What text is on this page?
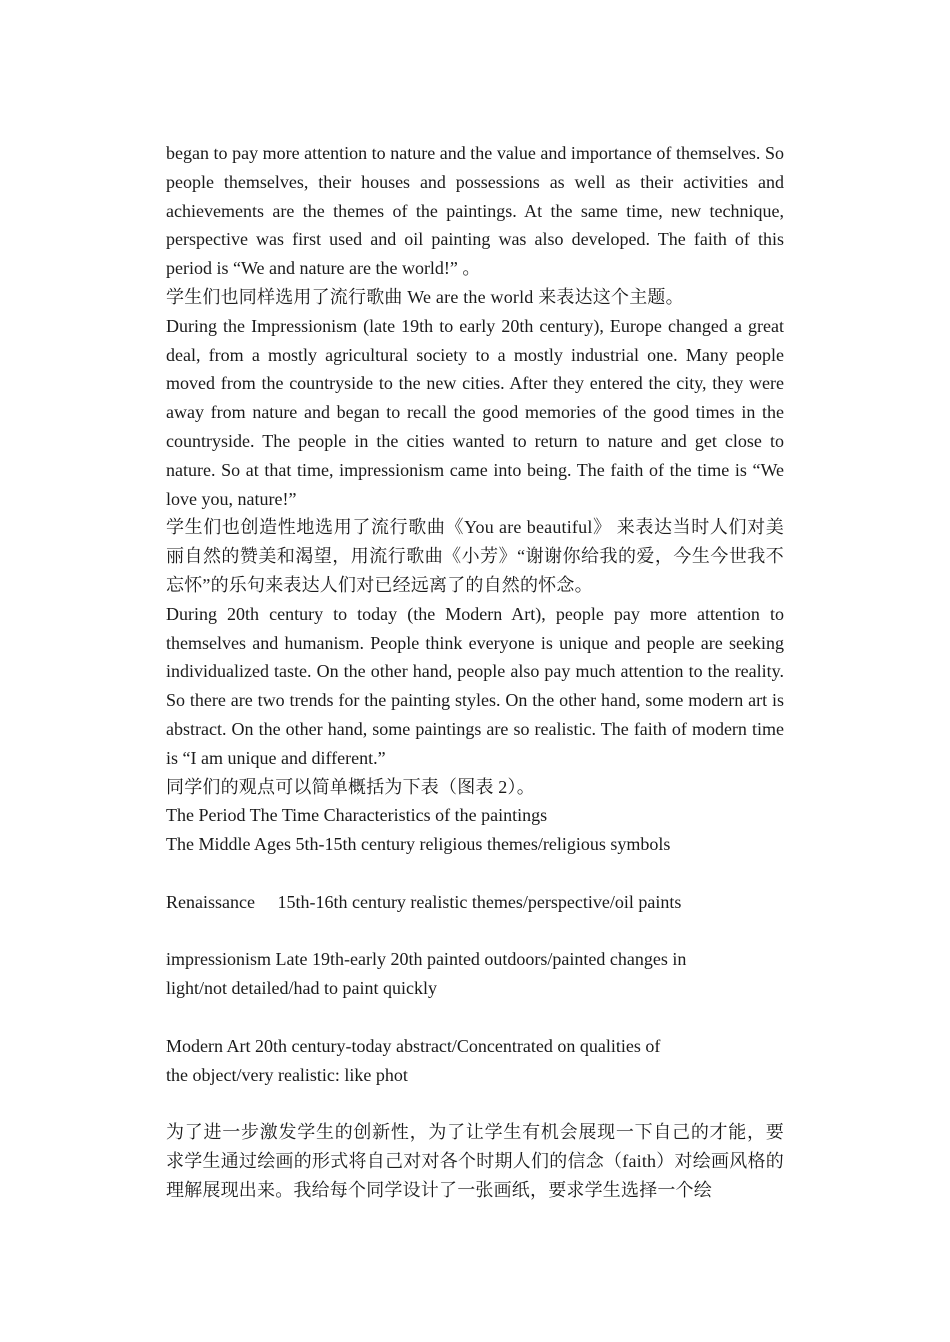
began to pay more attention to nature and the value and importance of themselves. So people themselves, their houses and possessions as well as their activities and achievements are the themes of the paintings. At the same time, new technique, perspective was first used and oil painting was also developed. The faith of this period is “We and nature are the world!” 。

学生们也同样选用了流行歌曲 We are the world 来表达这个主题。

During the Impressionism (late 19th to early 20th century), Europe changed a great deal, from a mostly agricultural society to a mostly industrial one. Many people moved from the countryside to the new cities. After they entered the city, they were away from nature and began to recall the good memories of the good times in the countryside. The people in the cities wanted to return to nature and get close to nature. So at that time, impressionism came into being. The faith of the time is “We love you, nature!”

学生们也创造性地选用了流行歌曲《You are beautiful》 来表达当时人们对美丽自然的赞美和渴望，用流行歌曲《小芳》“谢谢你给我的爱，今生今世我不忘怀”的乐句来表达人们对已经远离了的自然的怀念。

During 20th century to today (the Modern Art), people pay more attention to themselves and humanism. People think everyone is unique and people are seeking individualized taste. On the other hand, people also pay much attention to the reality. So there are two trends for the painting styles. On the other hand, some modern art is abstract. On the other hand, some paintings are so realistic. The faith of modern time is “I am unique and different.”

同学们的观点可以简单概括为下表（图表 2）。

The Period The Time Characteristics of the paintings

The Middle Ages 5th-15th century religious themes/religious symbols

Renaissance     15th-16th century realistic themes/perspective/oil paints

impressionism Late 19th-early 20th painted outdoors/painted changes in

light/not detailed/had to paint quickly

Modern Art 20th century-today abstract/Concentrated on qualities of

the object/very realistic: like phot

为了进一步激发学生的创新性，为了让学生有机会展现一下自己的才能，要求学生通过绘画的形式将自己对对各个时期人们的信念（faith）对绘画风格的理解展现出来。我给每个同学设计了一张画纸，要求学生选择一个绘
